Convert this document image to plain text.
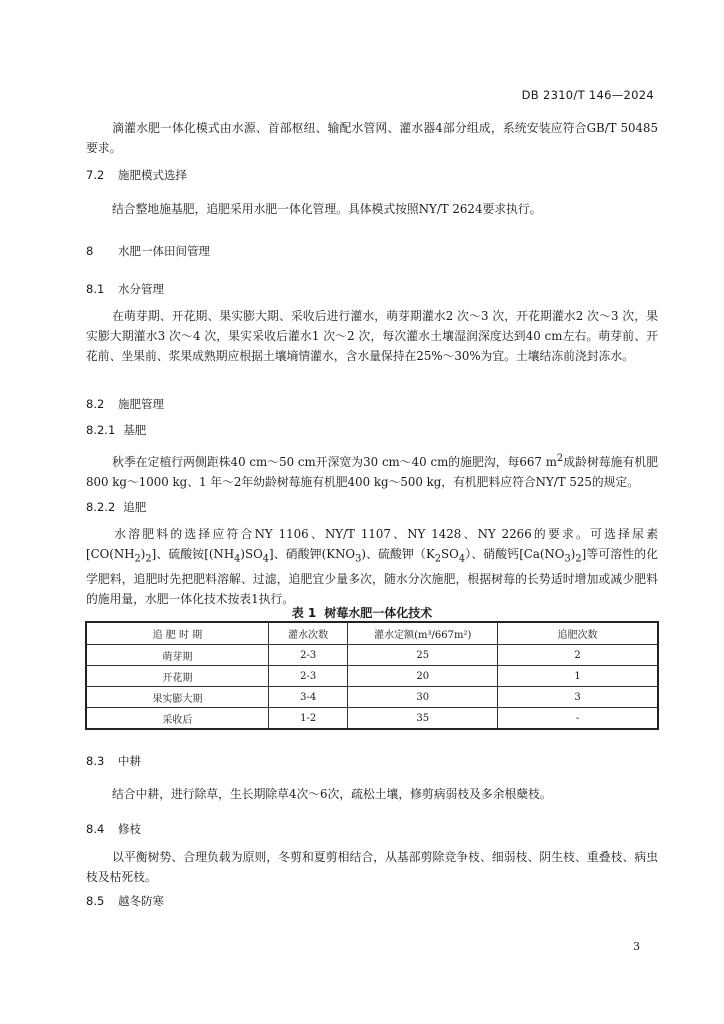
DB 2310/T 146—2024
滴灌水肥一体化模式由水源、首部枢纽、输配水管网、灌水器4部分组成，系统安装应符合GB/T 50485要求。
7.2 施肥模式选择
结合整地施基肥，追肥采用水肥一体化管理。具体模式按照NY/T 2624要求执行。
8 水肥一体田间管理
8.1 水分管理
在萌芽期、开花期、果实膨大期、采收后进行灌水，萌芽期灌水2 次～3 次，开花期灌水2 次～3 次，果实膨大期灌水3 次～4 次，果实采收后灌水1 次～2 次，每次灌水土壤湿润深度达到40 cm左右。萌芽前、开花前、坐果前、浆果成熟期应根据土壤墒情灌水，含水量保持在25%～30%为宜。土壤结冻前浇封冻水。
8.2 施肥管理
8.2.1 基肥
秋季在定植行两侧距株40 cm～50 cm开深宽为30 cm～40 cm的施肥沟，每667 $m^2$成龄树莓施有机肥800 kg～1000 kg、1 年～2年幼龄树莓施有机肥400 kg～500 kg，有机肥料应符合NY/T 525的规定。
8.2.2 追肥
水溶肥料的选择应符合NY 1106、NY/T 1107、NY 1428、NY 2266的要求。可选择尿素$[CO(NH_2)_2]$、硫酸铵$[(NH_4)SO_4]$、硝酸钾$(KNO_3)$、硫酸钾$(K_2SO_4)$、硝酸钙$[Ca(NO_3)_2]$等可溶性的化学肥料，追肥时先把肥料溶解、过滤，追肥宜少量多次，随水分次施肥，根据树莓的长势适时增加或减少肥料的施用量，水肥一体化技术按表1执行。
表 1 树莓水肥一体化技术
追 肥 时 期	灌水次数	灌水定额(m³/667m²)	追肥次数
萌芽期	2-3	25	2
开花期	2-3	20	1
果实膨大期	3-4	30	3
采收后	1-2	35	-
8.3 中耕
结合中耕，进行除草，生长期除草4次～6次，疏松土壤，修剪病弱枝及多余根蘖枝。
8.4 修枝
以平衡树势、合理负载为原则，冬剪和夏剪相结合，从基部剪除竞争枝、细弱枝、阴生枝、重叠枝、病虫枝及枯死枝。
8.5 越冬防寒
3
